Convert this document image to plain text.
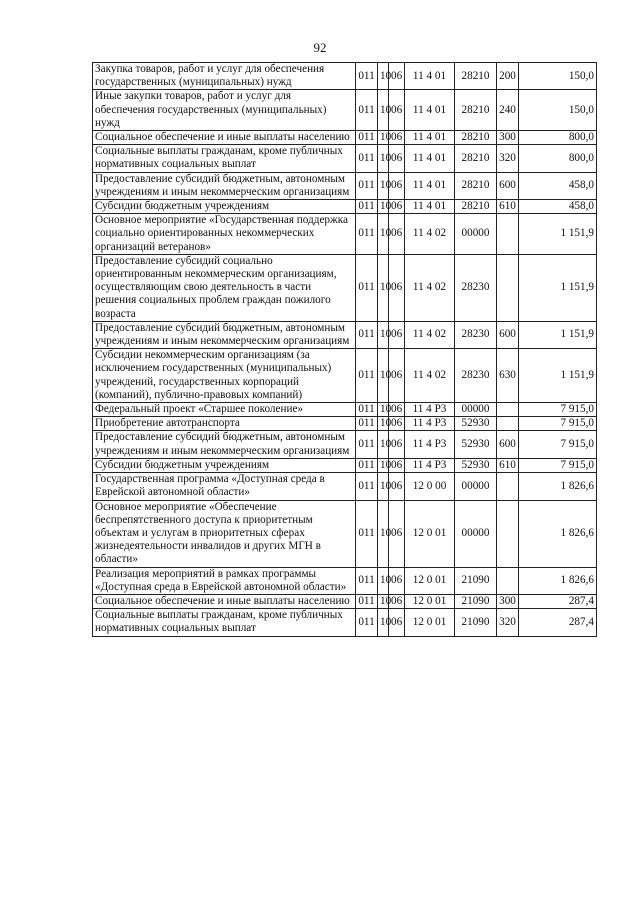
92
Закупка товаров, работ и услуг для обеспечения государственных (муниципальных) нужд	011	10	06	11 4 01	28210	200	150,0
Иные закупки товаров, работ и услуг для обеспечения государственных (муниципальных) нужд	011	10	06	11 4 01	28210	240	150,0
Социальное обеспечение и иные выплаты населению	011	10	06	11 4 01	28210	300	800,0
Социальные выплаты гражданам, кроме публичных нормативных социальных выплат	011	10	06	11 4 01	28210	320	800,0
Предоставление субсидий бюджетным, автономным учреждениям и иным некоммерческим организациям	011	10	06	11 4 01	28210	600	458,0
Субсидии бюджетным учреждениям	011	10	06	11 4 01	28210	610	458,0
Основное мероприятие «Государственная поддержка социально ориентированных некоммерческих организаций ветеранов»	011	10	06	11 4 02	00000		1 151,9
Предоставление субсидий социально ориентированным некоммерческим организациям, осуществляющим свою деятельность в части решения социальных проблем граждан пожилого возраста	011	10	06	11 4 02	28230		1 151,9
Предоставление субсидий бюджетным, автономным учреждениям и иным некоммерческим организациям	011	10	06	11 4 02	28230	600	1 151,9
Субсидии некоммерческим организациям (за исключением государственных (муниципальных) учреждений, государственных корпораций (компаний), публично-правовых компаний)	011	10	06	11 4 02	28230	630	1 151,9
Федеральный проект «Старшее поколение»	011	10	06	11 4 P3	00000		7 915,0
Приобретение автотранспорта	011	10	06	11 4 P3	52930		7 915,0
Предоставление субсидий бюджетным, автономным учреждениям и иным некоммерческим организациям	011	10	06	11 4 P3	52930	600	7 915,0
Субсидии бюджетным учреждениям	011	10	06	11 4 P3	52930	610	7 915,0
Государственная программа «Доступная среда в Еврейской автономной области»	011	10	06	12 0 00	00000		1 826,6
Основное мероприятие «Обеспечение беспрепятственного доступа к приоритетным объектам и услугам в приоритетных сферах жизнедеятельности инвалидов и других МГН в области»	011	10	06	12 0 01	00000		1 826,6
Реализация мероприятий в рамках программы «Доступная среда в Еврейской автономной области»	011	10	06	12 0 01	21090		1 826,6
Социальное обеспечение и иные выплаты населению	011	10	06	12 0 01	21090	300	287,4
Социальные выплаты гражданам, кроме публичных нормативных социальных выплат	011	10	06	12 0 01	21090	320	287,4
